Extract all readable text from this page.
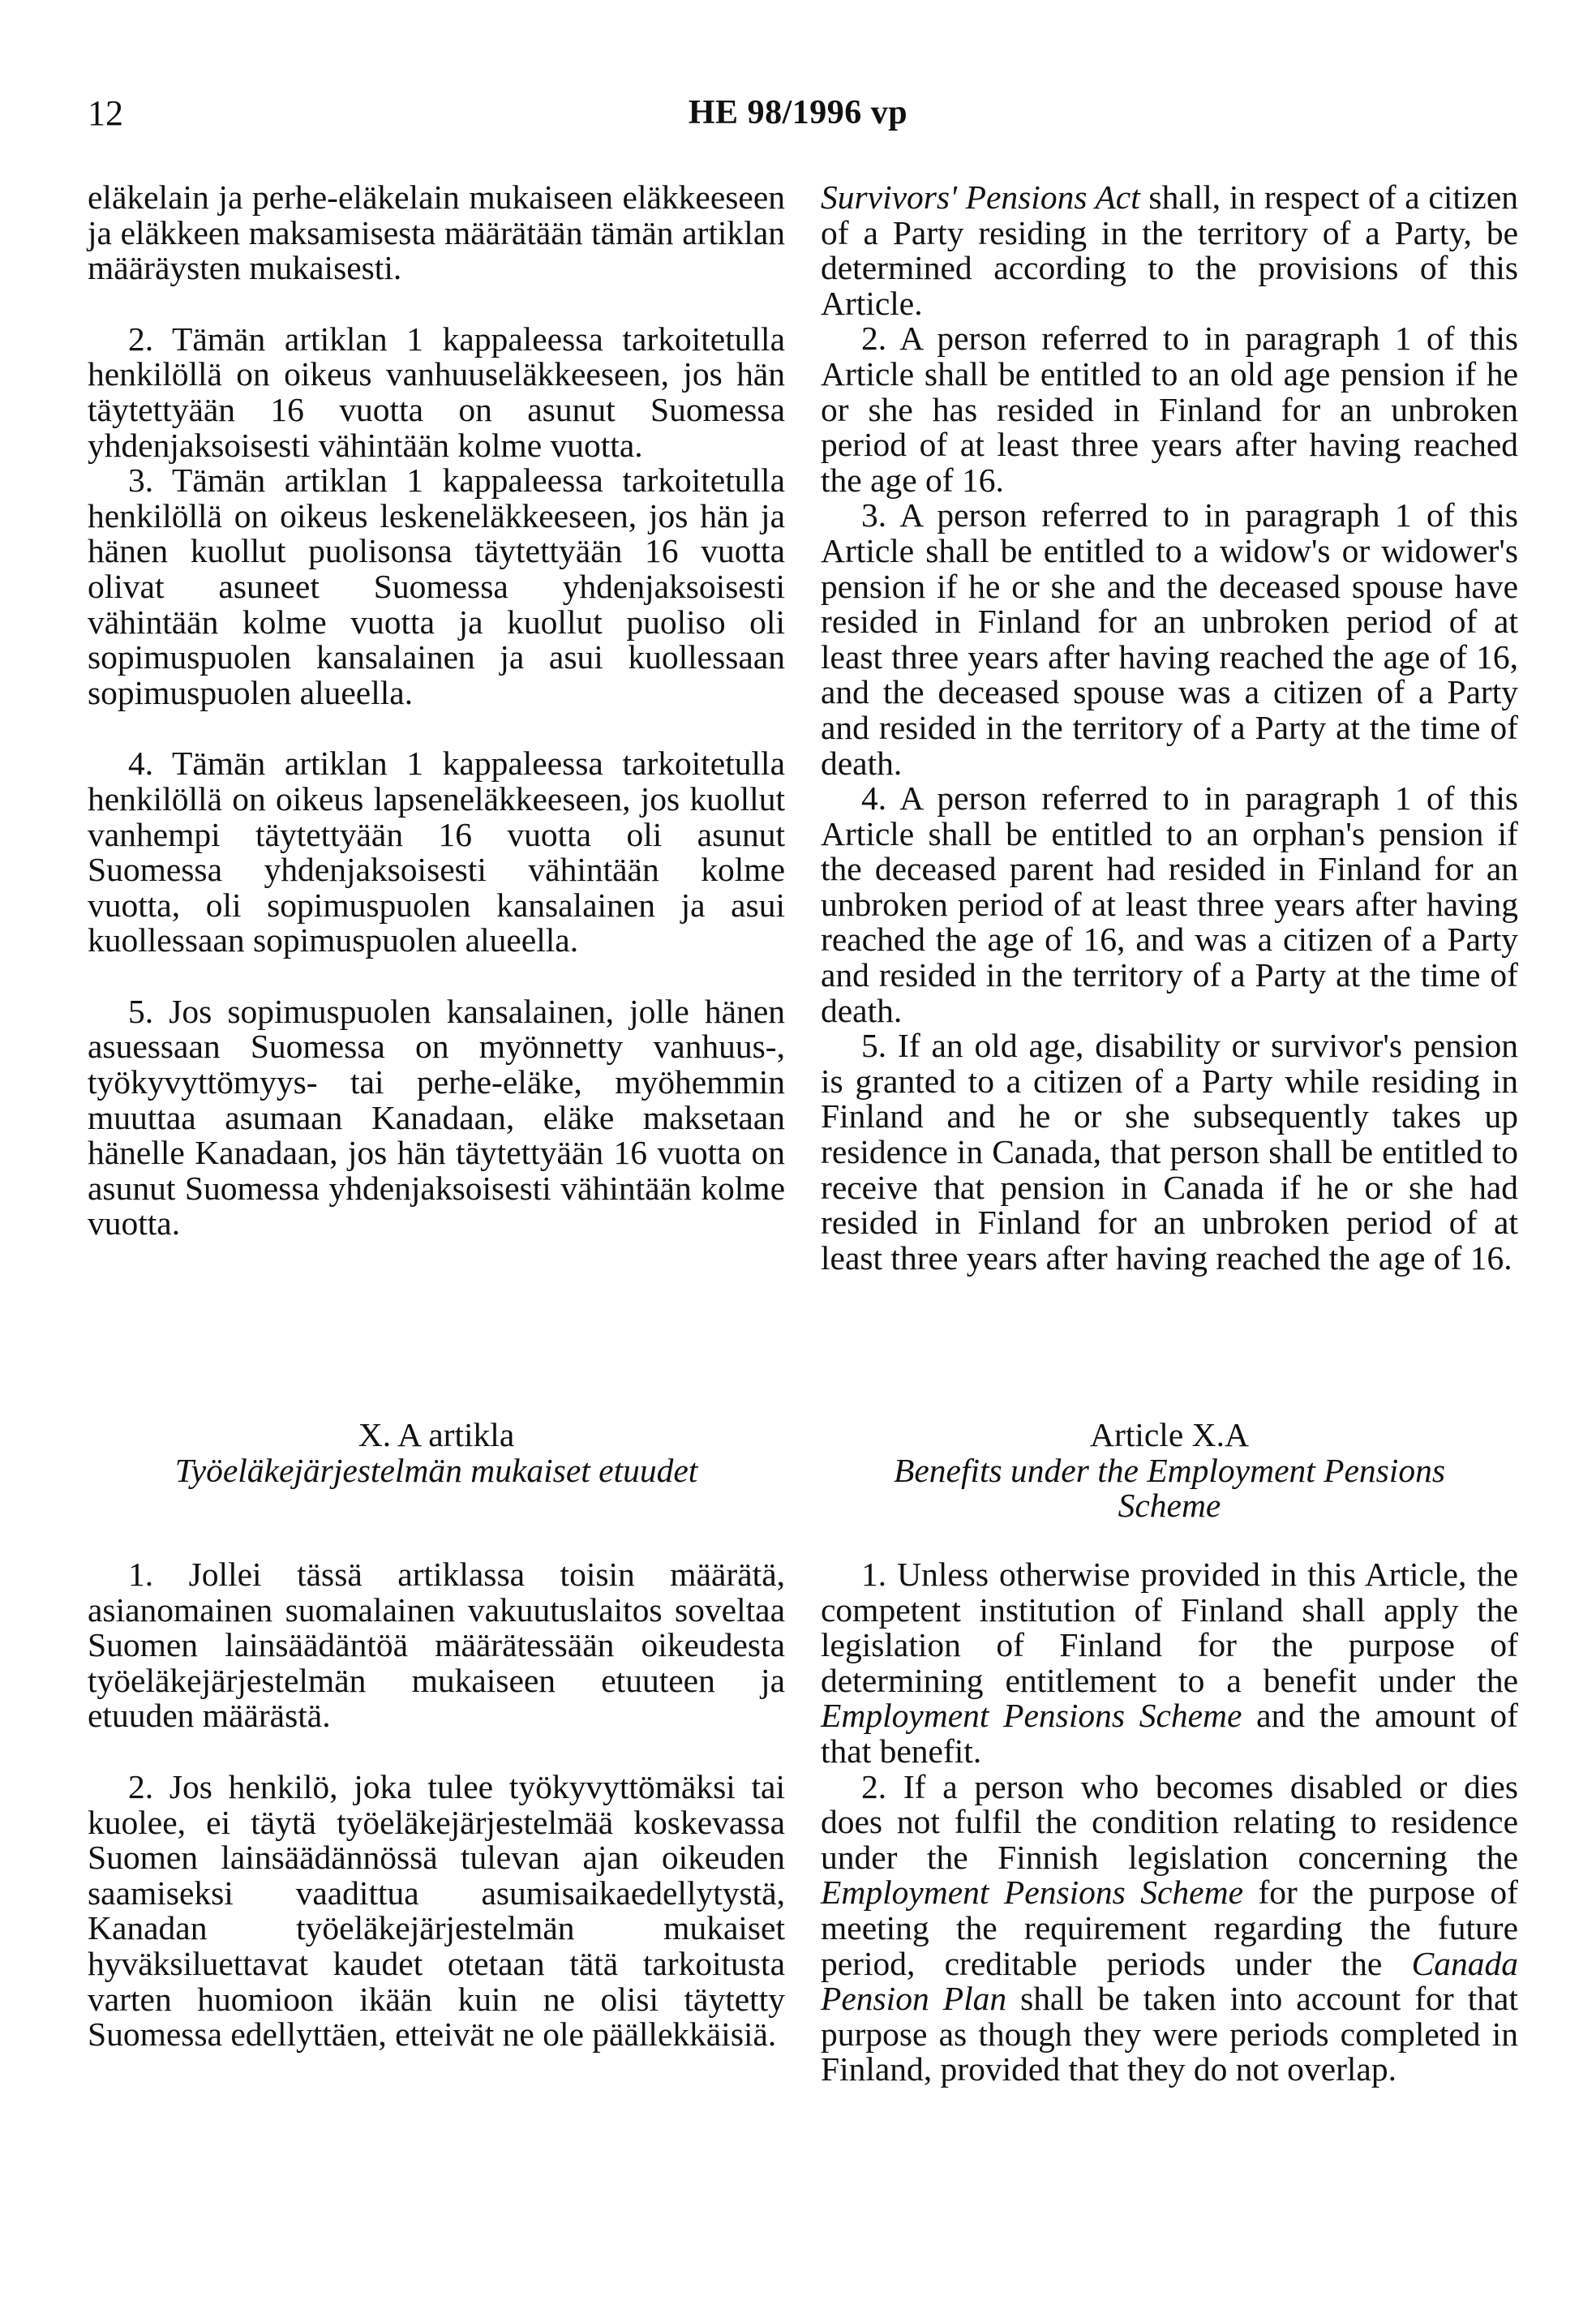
12	HE 98/1996 vp

eläkelain ja perhe-eläkelain mukaiseen eläkkeeseen ja eläkkeen maksamisesta määrätään tämän artiklan määräysten mukaisesti.

2. Tämän artiklan 1 kappaleessa tarkoitetulla henkilöllä on oikeus vanhuuseläkkeeseen, jos hän täytettyään 16 vuotta on asunut Suomessa yhdenjaksoisesti vähintään kolme vuotta.

3. Tämän artiklan 1 kappaleessa tarkoitetulla henkilöllä on oikeus leskeneläkkeeseen, jos hän ja hänen kuollut puolisonsa täytettyään 16 vuotta olivat asuneet Suomessa yhdenjaksoisesti vähintään kolme vuotta ja kuollut puoliso oli sopimuspuolen kansalainen ja asui kuollessaan sopimuspuolen alueella.

4. Tämän artiklan 1 kappaleessa tarkoitetulla henkilöllä on oikeus lapseneläkkeeseen, jos kuollut vanhempi täytettyään 16 vuotta oli asunut Suomessa yhdenjaksoisesti vähintään kolme vuotta, oli sopimuspuolen kansalainen ja asui kuollessaan sopimuspuolen alueella.

5. Jos sopimuspuolen kansalainen, jolle hänen asuessaan Suomessa on myönnetty vanhuus-, työkyvyttömyys- tai perhe-eläke, myöhemmin muuttaa asumaan Kanadaan, eläke maksetaan hänelle Kanadaan, jos hän täytettyään 16 vuotta on asunut Suomessa yhdenjaksoisesti vähintään kolme vuotta.

X. A artikla
Työeläkejärjestelmän mukaiset etuudet

1. Jollei tässä artiklassa toisin määrätä, asianomainen suomalainen vakuutuslaitos soveltaa Suomen lainsäädäntöä määrätessään oikeudesta työeläkejärjestelmän mukaiseen etuuteen ja etuuden määrästä.

2. Jos henkilö, joka tulee työkyvyttömäksi tai kuolee, ei täytä työeläkejärjestelmää koskevassa Suomen lainsäädännössä tulevan ajan oikeuden saamiseksi vaadittua asumisaikaedellytystä, Kanadan työeläkejärjestelmän mukaiset hyväksiluettavat kaudet otetaan tätä tarkoitusta varten huomioon ikään kuin ne olisi täytetty Suomessa edellyttäen, etteivät ne ole päällekkäisiä.

Survivors' Pensions Act shall, in respect of a citizen of a Party residing in the territory of a Party, be determined according to the provisions of this Article.

2. A person referred to in paragraph 1 of this Article shall be entitled to an old age pension if he or she has resided in Finland for an unbroken period of at least three years after having reached the age of 16.

3. A person referred to in paragraph 1 of this Article shall be entitled to a widow's or widower's pension if he or she and the deceased spouse have resided in Finland for an unbroken period of at least three years after having reached the age of 16, and the deceased spouse was a citizen of a Party and resided in the territory of a Party at the time of death.

4. A person referred to in paragraph 1 of this Article shall be entitled to an orphan's pension if the deceased parent had resided in Finland for an unbroken period of at least three years after having reached the age of 16, and was a citizen of a Party and resided in the territory of a Party at the time of death.

5. If an old age, disability or survivor's pension is granted to a citizen of a Party while residing in Finland and he or she subsequently takes up residence in Canada, that person shall be entitled to receive that pension in Canada if he or she had resided in Finland for an unbroken period of at least three years after having reached the age of 16.

Article X.A
Benefits under the Employment Pensions Scheme

1. Unless otherwise provided in this Article, the competent institution of Finland shall apply the legislation of Finland for the purpose of determining entitlement to a benefit under the Employment Pensions Scheme and the amount of that benefit.

2. If a person who becomes disabled or dies does not fulfil the condition relating to residence under the Finnish legislation concerning the Employment Pensions Scheme for the purpose of meeting the requirement regarding the future period, creditable periods under the Canada Pension Plan shall be taken into account for that purpose as though they were periods completed in Finland, provided that they do not overlap.
